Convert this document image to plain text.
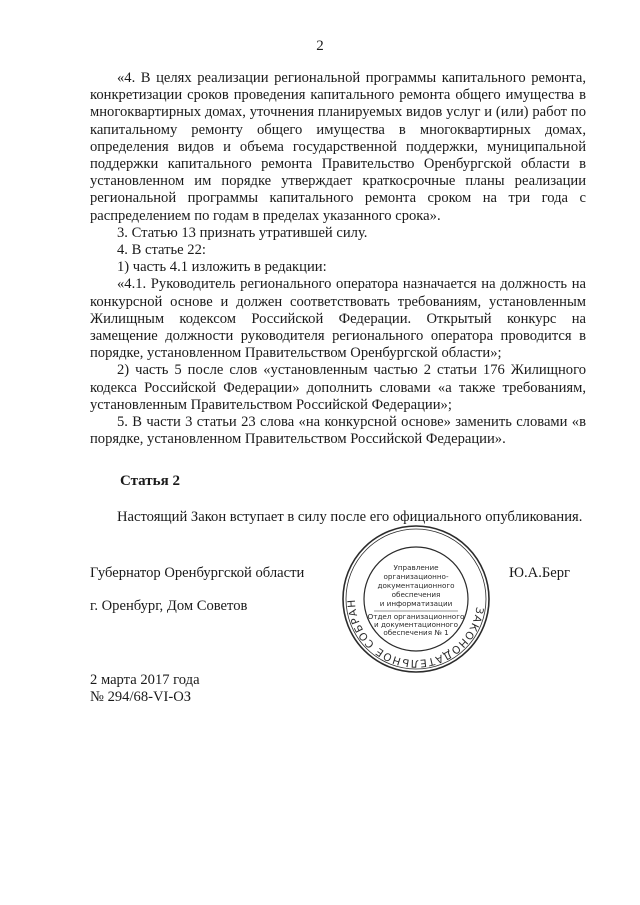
2

«4. В целях реализации региональной программы капитального ремонта, конкретизации сроков проведения капитального ремонта общего имущества в многоквартирных домах, уточнения планируемых видов услуг и (или) работ по капитальному ремонту общего имущества в многоквартирных домах, определения видов и объема государственной поддержки, муниципальной поддержки капитального ремонта Правительство Оренбургской области в установленном им порядке утверждает краткосрочные планы реализации региональной программы капитального ремонта сроком на три года с распределением по годам в пределах указанного срока».

3. Статью 13 признать утратившей силу.

4. В статье 22:

1) часть 4.1 изложить в редакции:

«4.1. Руководитель регионального оператора назначается на должность на конкурсной основе и должен соответствовать требованиям, установленным Жилищным кодексом Российской Федерации. Открытый конкурс на замещение должности руководителя регионального оператора проводится в порядке, установленном Правительством Оренбургской области»;

2) часть 5 после слов «установленным частью 2 статьи 176 Жилищного кодекса Российской Федерации» дополнить словами «а также требованиям, установленным Правительством Российской Федерации»;

5. В части 3 статьи 23 слова «на конкурсной основе» заменить словами «в порядке, установленном Правительством Российской Федерации».

Статья 2

Настоящий Закон вступает в силу после его официального опубликования.

Губернатор Оренбургской области	Ю.А.Берг
г. Оренбург, Дом Советов
2 марта 2017 года
№ 294/68-VI-ОЗ
ЗАКОНОДАТЕЛЬНОЕ СОБРАН
Управление
организационно-
документационного
обеспечения
и информатизации
Отдел организационного
и документационного
обеспечения № 1
